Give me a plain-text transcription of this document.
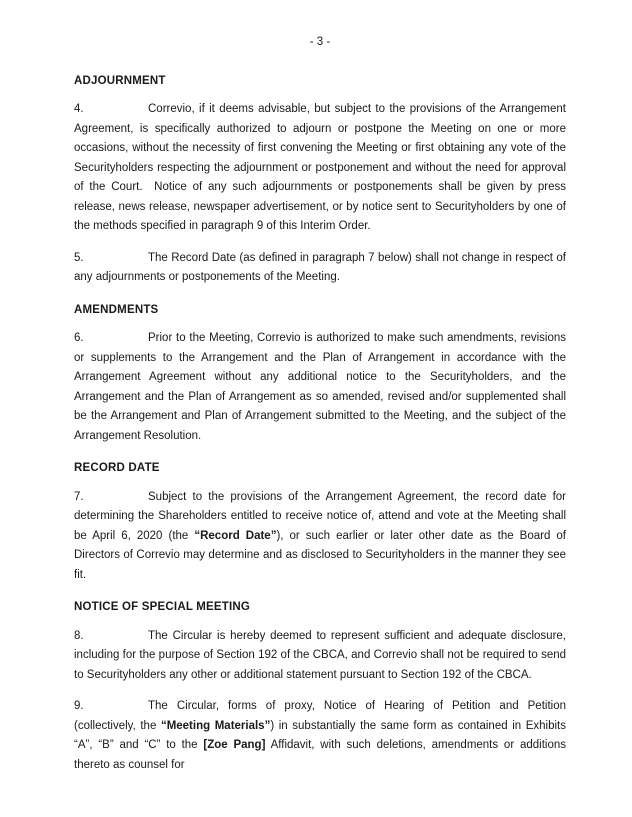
- 3 -
ADJOURNMENT

4.	Correvio, if it deems advisable, but subject to the provisions of the Arrangement Agreement, is specifically authorized to adjourn or postpone the Meeting on one or more occasions, without the necessity of first convening the Meeting or first obtaining any vote of the Securityholders respecting the adjournment or postponement and without the need for approval of the Court.  Notice of any such adjournments or postponements shall be given by press release, news release, newspaper advertisement, or by notice sent to Securityholders by one of the methods specified in paragraph 9 of this Interim Order.

5.	The Record Date (as defined in paragraph 7 below) shall not change in respect of any adjournments or postponements of the Meeting.

AMENDMENTS

6.	Prior to the Meeting, Correvio is authorized to make such amendments, revisions or supplements to the Arrangement and the Plan of Arrangement in accordance with the Arrangement Agreement without any additional notice to the Securityholders, and the Arrangement and the Plan of Arrangement as so amended, revised and/or supplemented shall be the Arrangement and Plan of Arrangement submitted to the Meeting, and the subject of the Arrangement Resolution.

RECORD DATE

7.	Subject to the provisions of the Arrangement Agreement, the record date for determining the Shareholders entitled to receive notice of, attend and vote at the Meeting shall be April 6, 2020 (the “Record Date”), or such earlier or later other date as the Board of Directors of Correvio may determine and as disclosed to Securityholders in the manner they see fit.

NOTICE OF SPECIAL MEETING

8.	The Circular is hereby deemed to represent sufficient and adequate disclosure, including for the purpose of Section 192 of the CBCA, and Correvio shall not be required to send to Securityholders any other or additional statement pursuant to Section 192 of the CBCA.

9.	The Circular, forms of proxy, Notice of Hearing of Petition and Petition (collectively, the “Meeting Materials”) in substantially the same form as contained in Exhibits “A”, “B” and “C” to the [Zoe Pang] Affidavit, with such deletions, amendments or additions thereto as counsel for
